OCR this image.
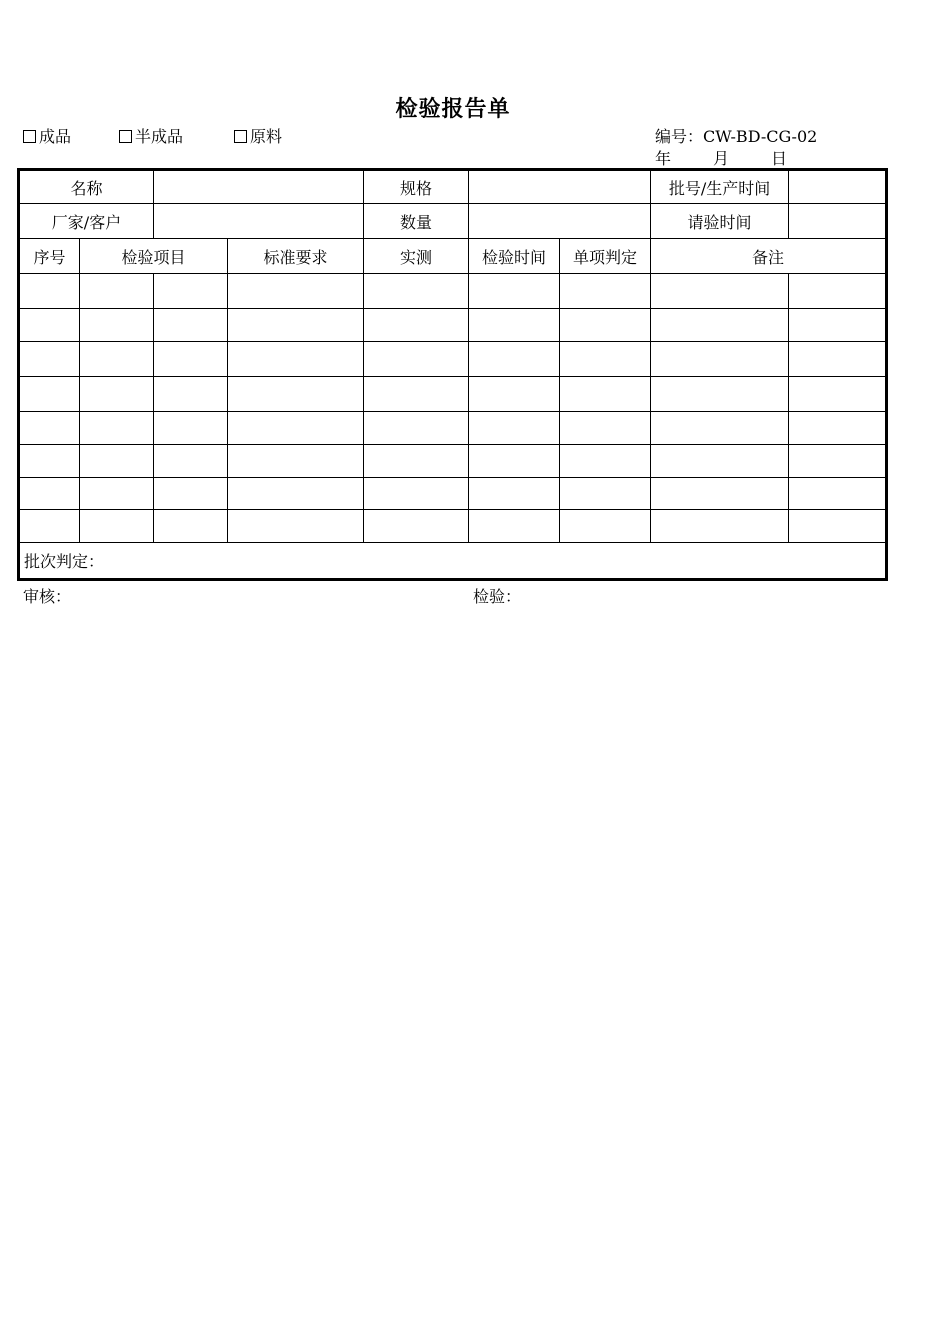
检验报告单
成品	半成品	原料	编号：CW-BD-CG-02
年	月	日
名称				规格			批号/生产时间	
厂家/客户				数量			请验时间	
序号	检验项目		标准要求	实测	检验时间	单项判定	备注	

批次判定：								
审核：	检验：
